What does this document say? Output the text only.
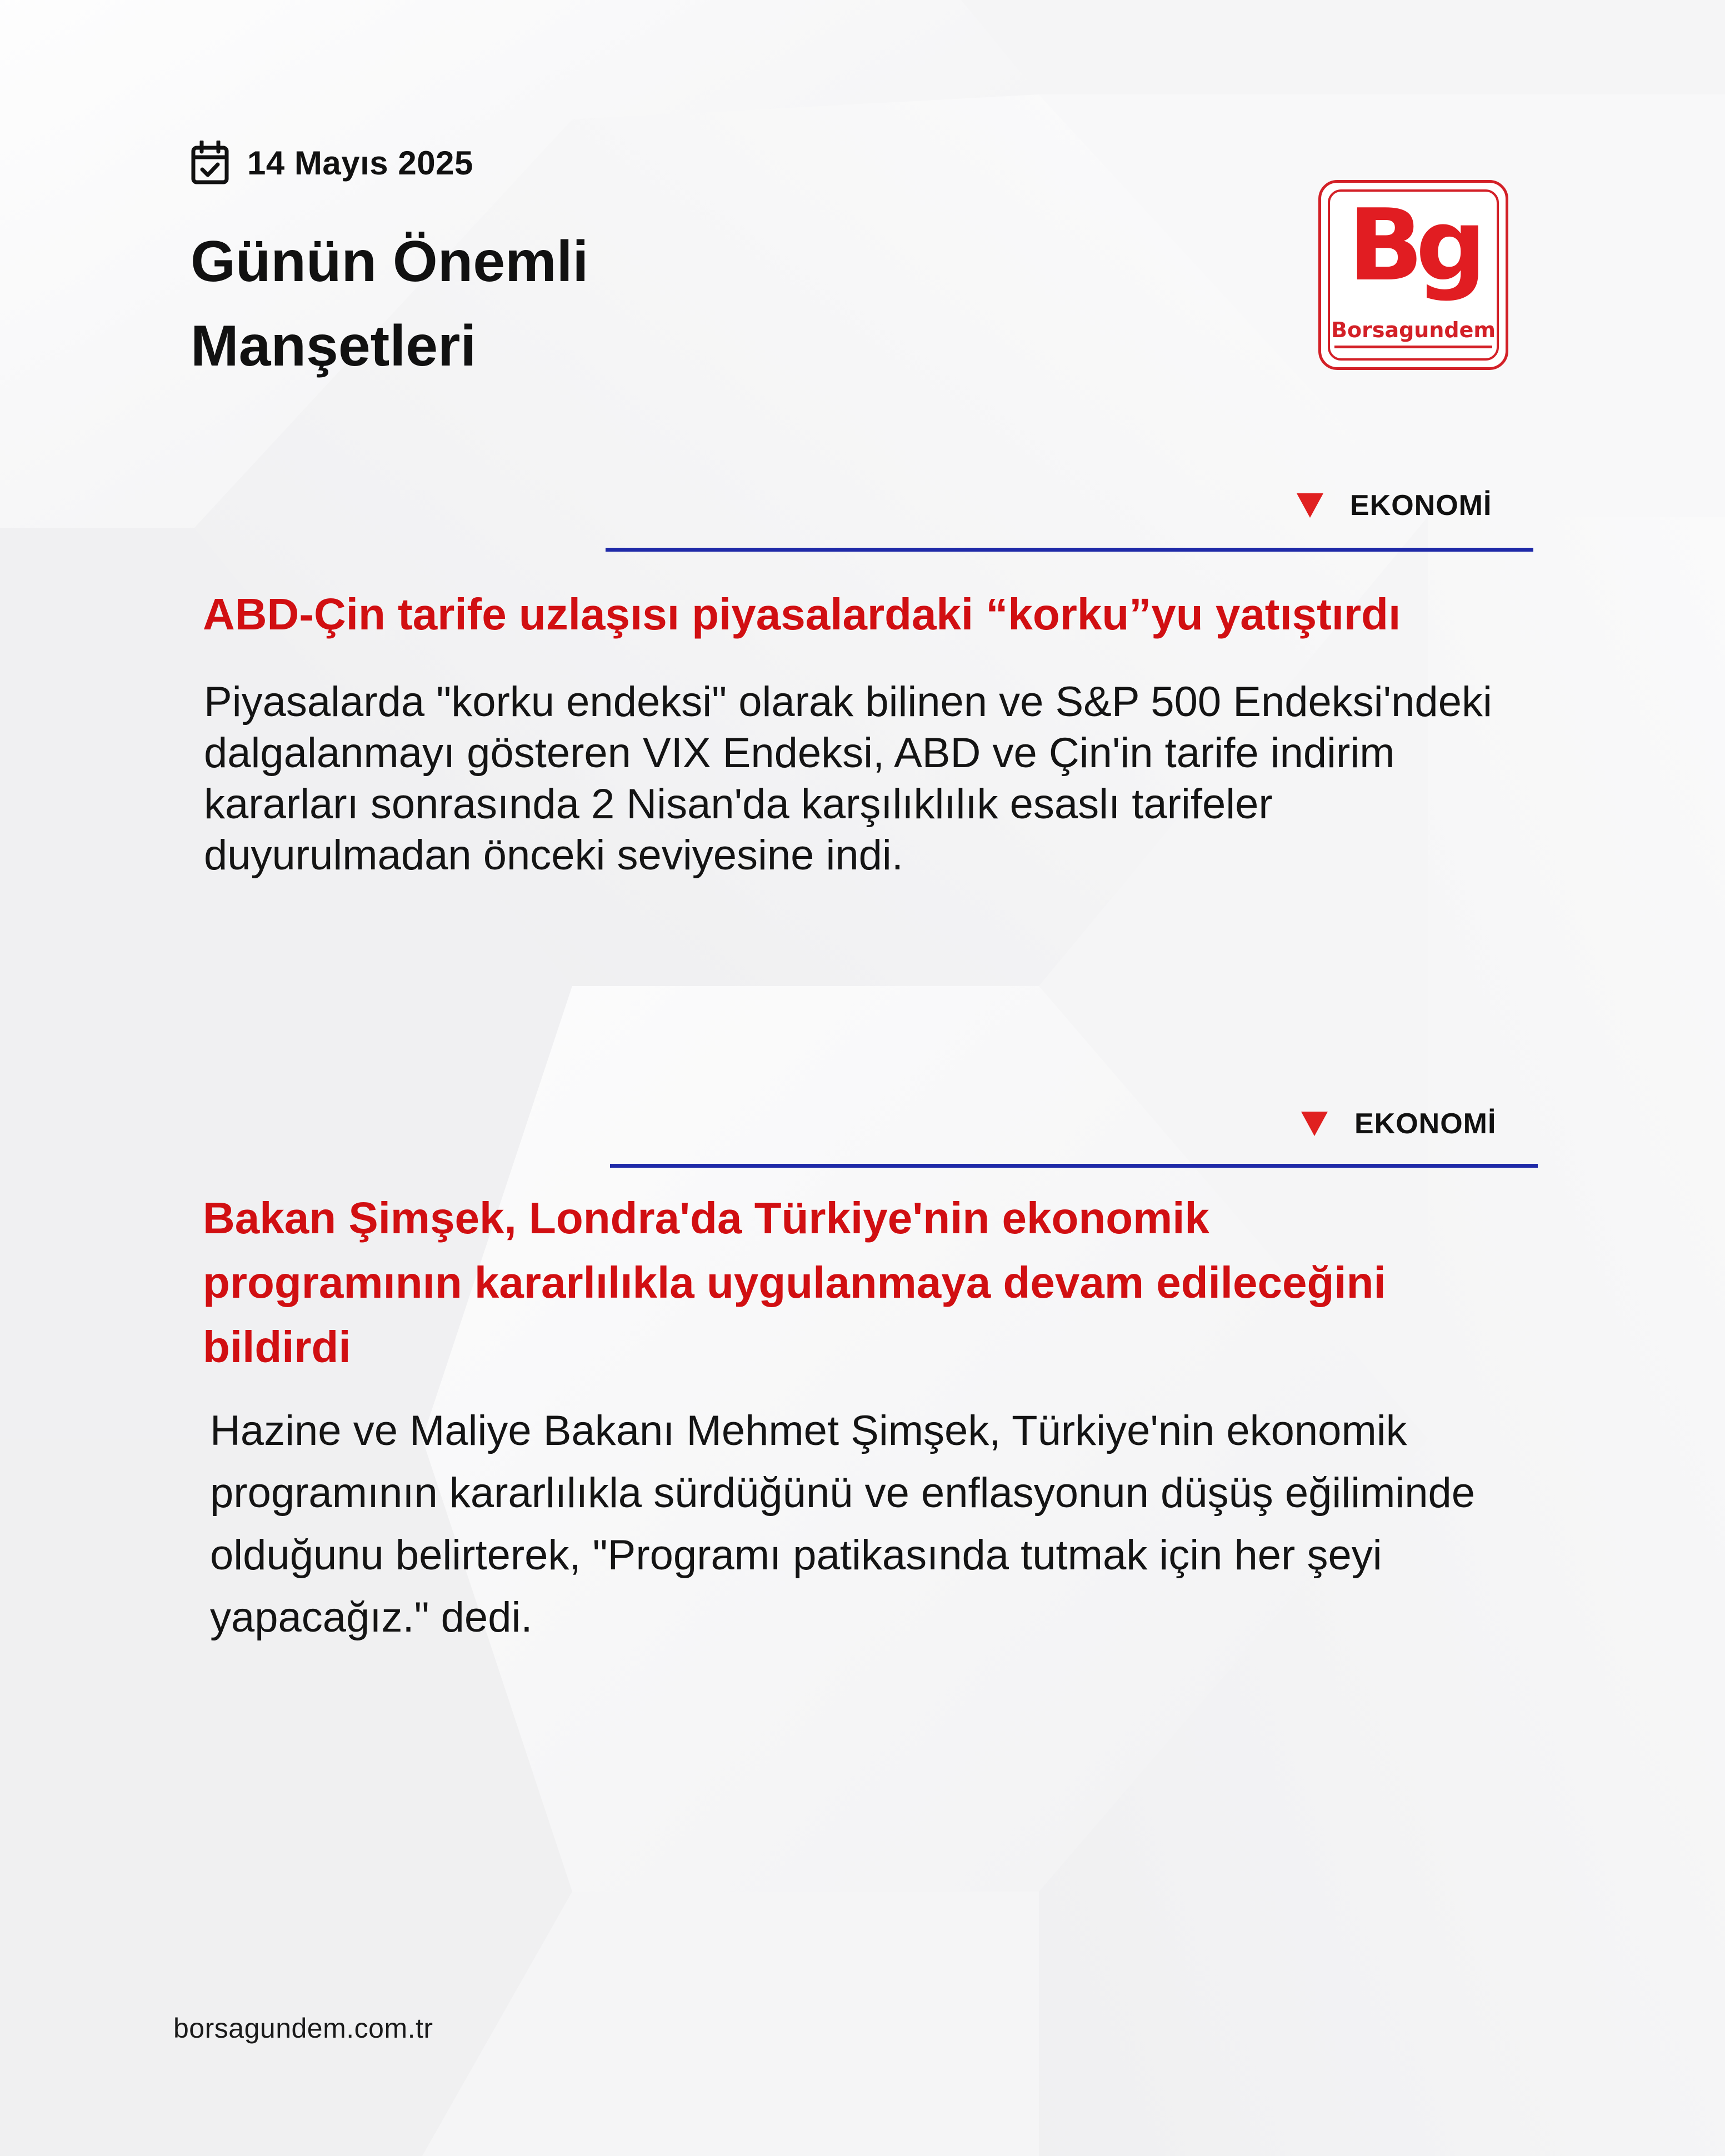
14 Mayıs 2025
Günün Önemli
Manşetleri
Bg
Borsagundem
EKONOMİ
ABD-Çin tarife uzlaşısı piyasalardaki “korku”yu yatıştırdı

Piyasalarda "korku endeksi" olarak bilinen ve S&P 500 Endeksi'ndeki dalgalanmayı gösteren VIX Endeksi, ABD ve Çin'in tarife indirim kararları sonrasında 2 Nisan'da karşılıklılık esaslı tarifeler duyurulmadan önceki seviyesine indi.

EKONOMİ
Bakan Şimşek, Londra'da Türkiye'nin ekonomik programının kararlılıkla uygulanmaya devam edileceğini bildirdi

Hazine ve Maliye Bakanı Mehmet Şimşek, Türkiye'nin ekonomik programının kararlılıkla sürdüğünü ve enflasyonun düşüş eğiliminde olduğunu belirterek, "Programı patikasında tutmak için her şeyi yapacağız." dedi.

borsagundem.com.tr
